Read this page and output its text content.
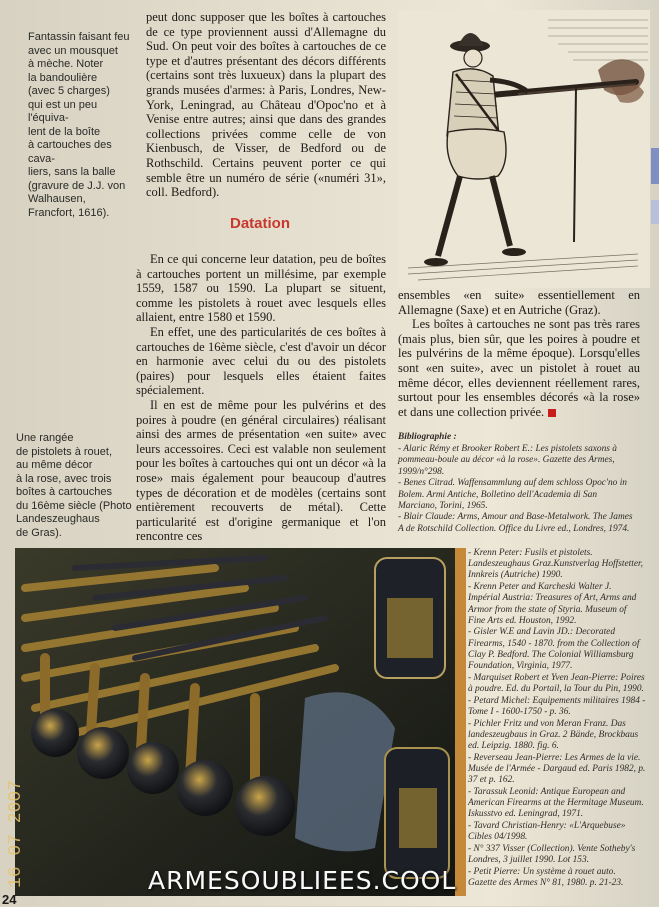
Fantassin faisant feu
avec un mousquet
à mèche. Noter
la bandoulière
(avec 5 charges)
qui est un peu l'équiva-
lent de la boîte
à cartouches des cava-
liers, sans la balle
(gravure de J.J. von
Walhausen,
Francfort, 1616).

peut donc supposer que les boîtes à cartouches de ce type proviennent aussi d'Allemagne du Sud. On peut voir des boîtes à cartouches de ce type et d'autres présentant des décors différents (certains sont très luxueux) dans la plupart des grands musées d'armes: à Paris, Londres, New-York, Leningrad, au Château d'Opoc'no et à Venise entre autres; ainsi que dans des grandes collections privées comme celle de von Kienbusch, de Visser, de Bedford ou de Rothschild. Certains peuvent porter ce qui semble être un numéro de série («numéri 31», coll. Bedford).

Datation

En ce qui concerne leur datation, peu de boîtes à cartouches portent un millésime, par exemple 1559, 1587 ou 1590. La plupart se situent, comme les pistolets à rouet avec lesquels elles allaient, entre 1580 et 1590.

En effet, une des particularités de ces boîtes à cartouches de 16ème siècle, c'est d'avoir un décor en harmonie avec celui du ou des pistolets (paires) pour lesquels elles étaient faites spécialement.

Il en est de même pour les pulvérins et des poires à poudre (en général circulaires) réalisant ainsi des armes de présentation «en suite» avec leurs accessoires. Ceci est valable non seulement pour les boîtes à cartouches qui ont un décor «à la rose» mais également pour beaucoup d'autres types de décoration et de modèles (certains sont entièrement recouverts de métal). Cette particularité est d'origine germanique et l'on rencontre ces

ensembles «en suite» essentiellement en Allemagne (Saxe) et en Autriche (Graz).

Les boîtes à cartouches ne sont pas très rares (mais plus, bien sûr, que les poires à poudre et les pulvérins de la même époque). Lorsqu'elles sont «en suite», avec un pistolet à rouet au même décor, elles deviennent réellement rares, surtout pour les ensembles décorés «à la rose» et dans une collection privée.

Une rangée
de pistolets à rouet,
au même décor
à la rose, avec trois
boîtes à cartouches
du 16ème siècle (Photo
Landeszeughaus
de Gras).
Bibliographie :
- Alaric Rémy et Brooker Robert E.: Les pistolets saxons à pommeau-boule au décor «à la rose». Gazette des Armes, 1999/n°298.
- Benes Citrad. Waffensammlung auf dem schloss Opoc'no in Bolem. Armi Antiche, Bolletino dell'Academia di San Marciano, Torini, 1965.
- Blair Claude: Arms, Amour and Base-Metalwork. The James A de Rotschild Collection. Office du Livre ed., Londres, 1974.
- Krenn Peter: Fusils et pistolets. Landeszeughaus Graz.Kunstverlag Hoffstetter, Innkreis (Autriche) 1990.
- Krenn Peter and Karcheski Walter J. Impérial Austria: Treasures of Art, Arms and Armor from the state of Styria. Museum of Fine Arts ed. Houston, 1992.
- Gisler W.E and Lavin JD.: Decorated Firearms, 1540 - 1870. from the Collection of Clay P. Bedford. The Colonial Williamsburg Foundation, Virginia, 1977.
- Marquiset Robert et Yven Jean-Pierre: Poires à poudre. Ed. du Portail, la Tour du Pin, 1990.
- Petard Michel: Equipements militaires 1984 - Tome I - 1600-1750 - p. 36.
- Pichler Fritz und von Meran Franz. Das landeszeugbaus in Graz. 2 Bände, Brockbaus ed. Leipzig. 1880. fig. 6.
- Reverseau Jean-Pierre: Les Armes de la vie. Musée de l'Armée - Dargaud ed. Paris 1982, p. 37 et p. 162.
- Tarassuk Leonid: Antique European and American Firearms at the Hermitage Museum. Iskusstvo ed. Leningrad, 1971.
- Tavard Christian-Henry: «L'Arquebuse» Cibles 04/1998.
- N° 337 Visser (Collection). Vente Sotheby's Londres, 3 juillet 1990. Lot 153.
- Petit Pierre: Un système à rouet auto. Gazette des Armes N° 81, 1980. p. 21-23.
16 07 2007
24
ARMESOUBLIEES.COOL
